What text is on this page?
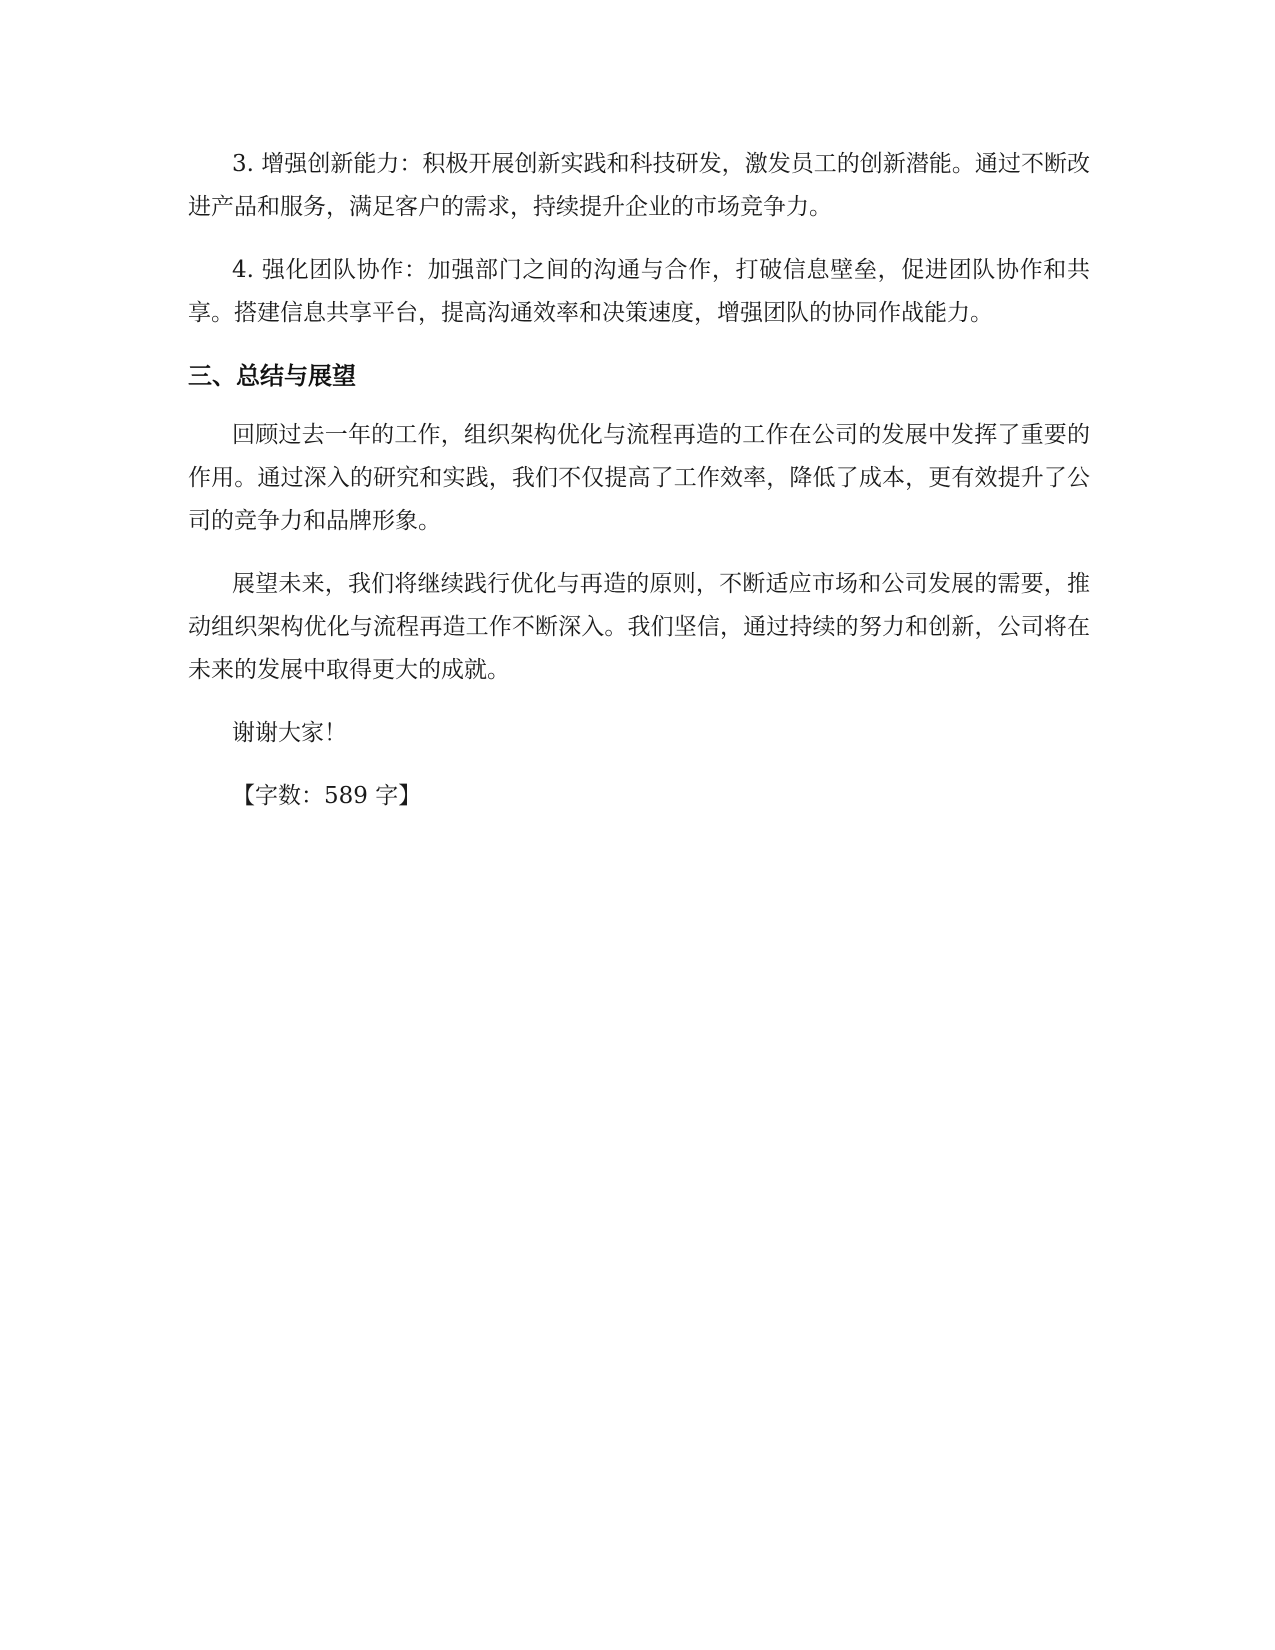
3. 增强创新能力：积极开展创新实践和科技研发，激发员工的创新潜能。通过不断改进产品和服务，满足客户的需求，持续提升企业的市场竞争力。

4. 强化团队协作：加强部门之间的沟通与合作，打破信息壁垒，促进团队协作和共享。搭建信息共享平台，提高沟通效率和决策速度，增强团队的协同作战能力。

三、总结与展望

回顾过去一年的工作，组织架构优化与流程再造的工作在公司的发展中发挥了重要的作用。通过深入的研究和实践，我们不仅提高了工作效率，降低了成本，更有效提升了公司的竞争力和品牌形象。

展望未来，我们将继续践行优化与再造的原则，不断适应市场和公司发展的需要，推动组织架构优化与流程再造工作不断深入。我们坚信，通过持续的努力和创新，公司将在未来的发展中取得更大的成就。

谢谢大家！

【字数：589 字】
